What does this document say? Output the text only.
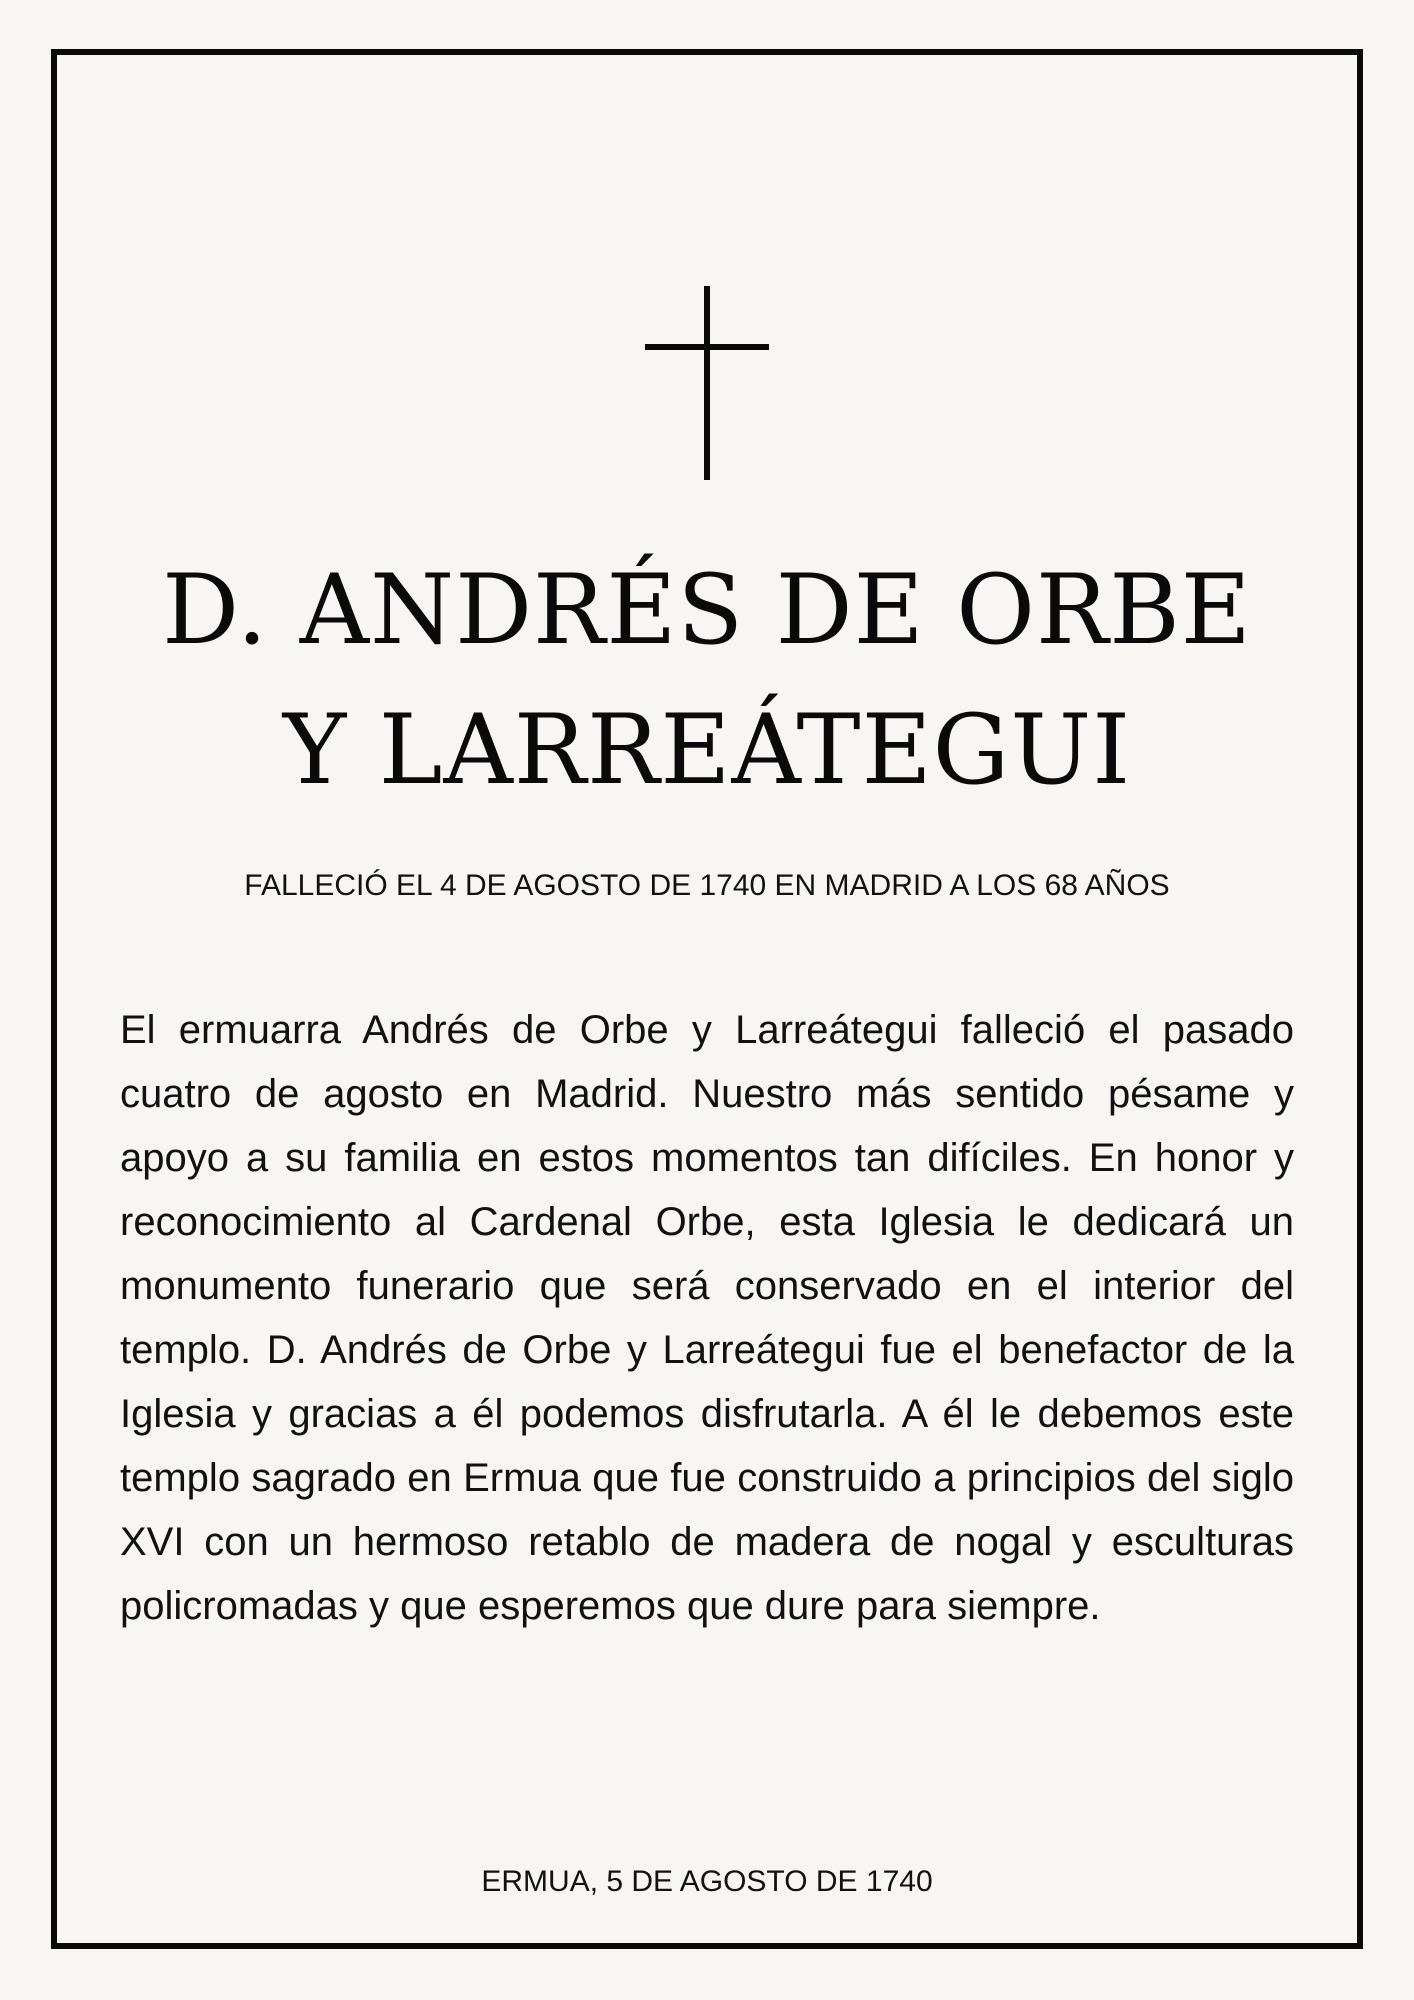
D. ANDRÉS DE ORBE
Y LARREÁTEGUI
FALLECIÓ EL 4 DE AGOSTO DE 1740 EN MADRID A LOS 68 AÑOS

El ermuarra Andrés de Orbe y Larreátegui falleció el pasado cuatro de agosto en Madrid. Nuestro más sentido pésame y apoyo a su familia en estos momentos tan difíciles. En honor y reconocimiento al Cardenal Orbe, esta Iglesia le dedicará un monumento funerario que será conservado en el interior del templo. D. Andrés de Orbe y Larreátegui fue el benefactor de la Iglesia y gracias a él podemos disfrutarla. A él le debemos este templo sagrado en Ermua que fue construido a principios del siglo XVI con un hermoso retablo de madera de nogal y esculturas policromadas y que esperemos que dure para siempre.

ERMUA, 5 DE AGOSTO DE 1740
